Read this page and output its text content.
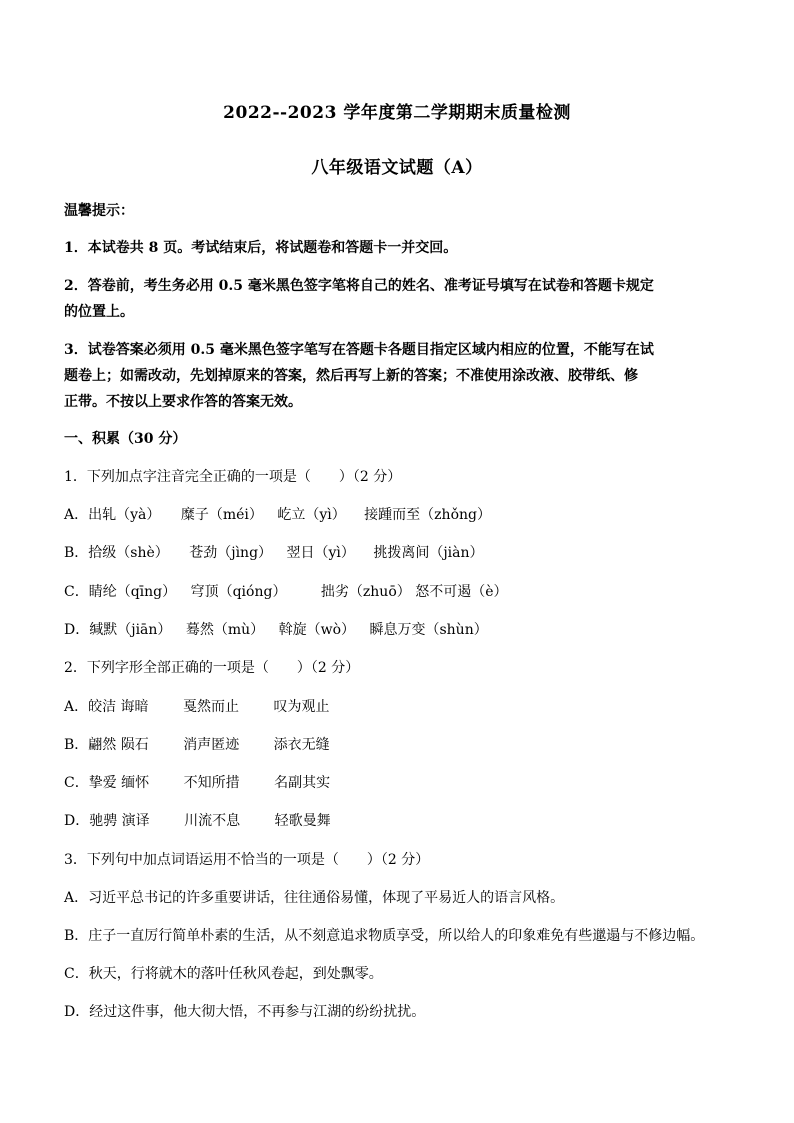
2022--2023 学年度第二学期期末质量检测
八年级语文试题（A）
温馨提示：
1．本试卷共 8 页。考试结束后，将试题卷和答题卡一并交回。
2．答卷前，考生务必用 0.5 毫米黑色签字笔将自己的姓名、准考证号填写在试卷和答题卡规定
的位置上。
3．试卷答案必须用 0.5 毫米黑色签字笔写在答题卡各题目指定区域内相应的位置，不能写在试
题卷上；如需改动，先划掉原来的答案，然后再写上新的答案；不准使用涂改液、胶带纸、修
正带。不按以上要求作答的答案无效。
一、积累（30 分）
1．下列加点字注音完全正确的一项是（　　）（2 分）
A．出轧（yà） 糜子（méi） 屹立（yì） 接踵而至（zhǒng）
B．拾级（shè） 苍劲（jìng） 翌日（yì） 挑拨离间（jiàn）
C．睛纶（qīng） 穹顶（qióng） 拙劣（zhuō） 怒不可遏（è）
D．缄默（jiān） 蓦然（mù） 斡旋（wò） 瞬息万变（shùn）
2．下列字形全部正确的一项是（　　）（2 分）
A．皎洁 诲暗 戛然而止 叹为观止
B．翩然 陨石 消声匿迹 添衣无缝
C．挚爱 缅怀 不知所措 名副其实
D．驰骋 演译 川流不息 轻歌曼舞
3．下列句中加点词语运用不恰当的一项是（　　）（2 分）
A．习近平总书记的许多重要讲话，往往通俗易懂，体现了平易近人的语言风格。
B．庄子一直厉行简单朴素的生活，从不刻意追求物质享受，所以给人的印象难免有些邋遢与不修边幅。
C．秋天，行将就木的落叶任秋风卷起，到处飘零。
D．经过这件事，他大彻大悟，不再参与江湖的纷纷扰扰。
